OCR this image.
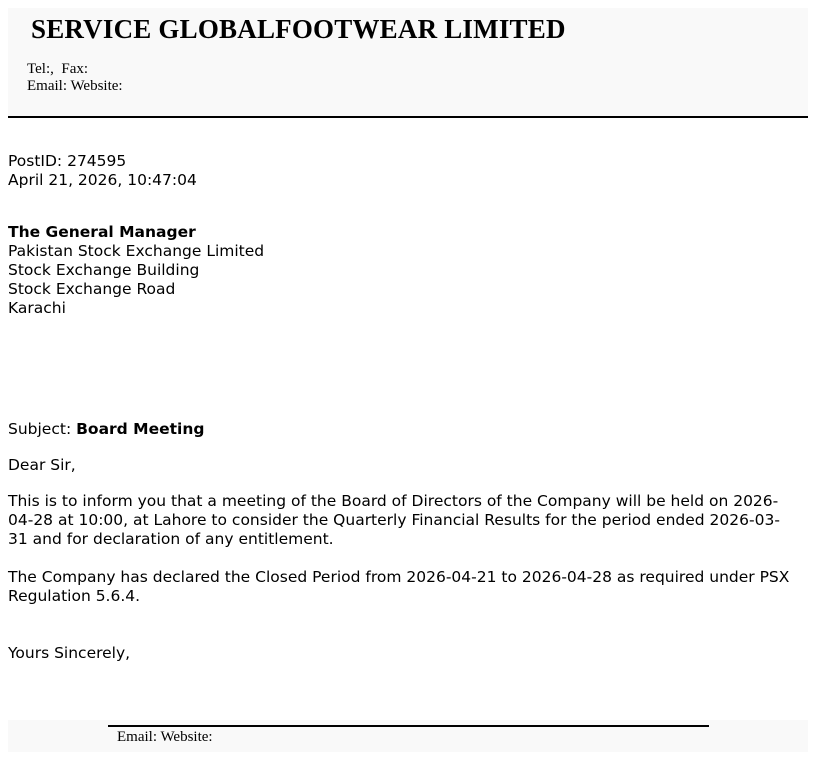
SERVICE GLOBALFOOTWEAR LIMITED
Tel:,  Fax:
Email: Website:
PostID: 274595
April 21, 2026, 10:47:04
The General Manager
Pakistan Stock Exchange Limited
Stock Exchange Building
Stock Exchange Road
Karachi
Subject: Board Meeting
Dear Sir,

This is to inform you that a meeting of the Board of Directors of the Company will be held on 2026-04-28 at 10:00, at Lahore to consider the Quarterly Financial Results for the period ended 2026-03-31 and for declaration of any entitlement.

The Company has declared the Closed Period from 2026-04-21 to 2026-04-28 as required under PSX Regulation 5.6.4.

Yours Sincerely,
Email: Website:
